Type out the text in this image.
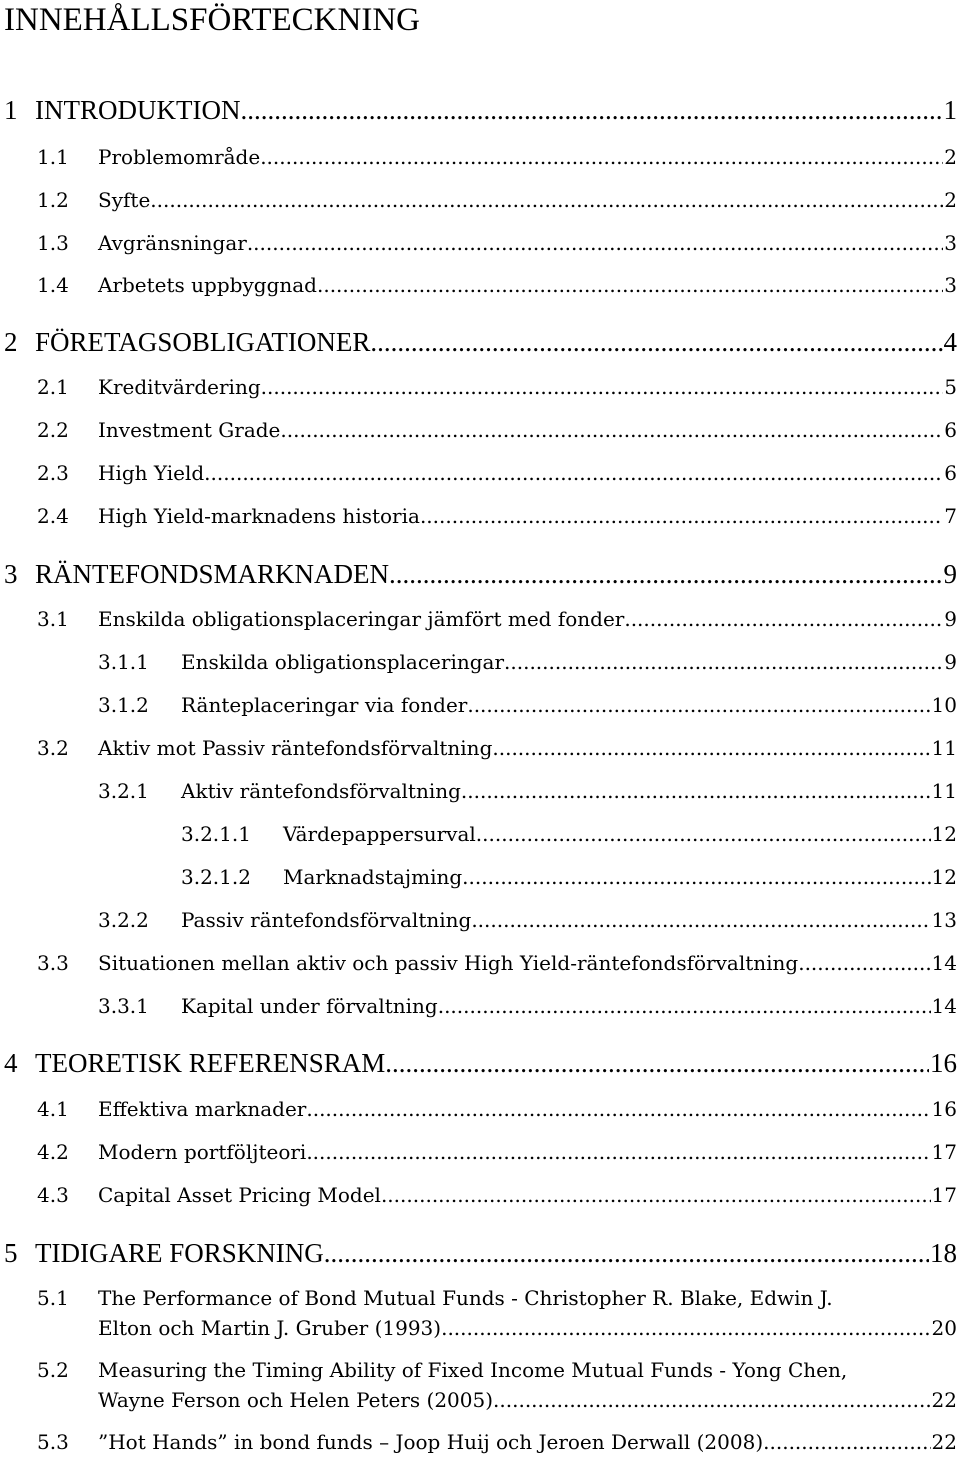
INNEHÅLLSFÖRTECKNING
1 INTRODUKTION .....	1
1.1 Problemområde .....	2
1.2 Syfte .....	2
1.3 Avgränsningar .....	3
1.4 Arbetets uppbyggnad .....	3
2 FÖRETAGSOBLIGATIONER .....	4
2.1 Kreditvärdering .....	5
2.2 Investment Grade .....	6
2.3 High Yield .....	6
2.4 High Yield-marknadens historia .....	7
3 RÄNTEFONDSMARKNADEN .....	9
3.1 Enskilda obligationsplaceringar jämfört med fonder .....	9
3.1.1 Enskilda obligationsplaceringar .....	9
3.1.2 Ränteplaceringar via fonder .....	10
3.2 Aktiv mot Passiv räntefondsförvaltning .....	11
3.2.1 Aktiv räntefondsförvaltning .....	11
3.2.1.1 Värdepappersurval .....	12
3.2.1.2 Marknadstajming .....	12
3.2.2 Passiv räntefondsförvaltning .....	13
3.3 Situationen mellan aktiv och passiv High Yield-räntefondsförvaltning .....	14
3.3.1 Kapital under förvaltning .....	14
4 TEORETISK REFERENSRAM .....	16
4.1 Effektiva marknader .....	16
4.2 Modern portföljteori .....	17
4.3 Capital Asset Pricing Model .....	17
5 TIDIGARE FORSKNING .....	18
5.1 The Performance of Bond Mutual Funds - Christopher R. Blake, Edwin J.
Elton och Martin J. Gruber (1993) .....	20
5.2 Measuring the Timing Ability of Fixed Income Mutual Funds - Yong Chen,
Wayne Ferson och Helen Peters (2005) .....	22
5.3 ”Hot Hands” in bond funds – Joop Huij och Jeroen Derwall (2008) .....	22
